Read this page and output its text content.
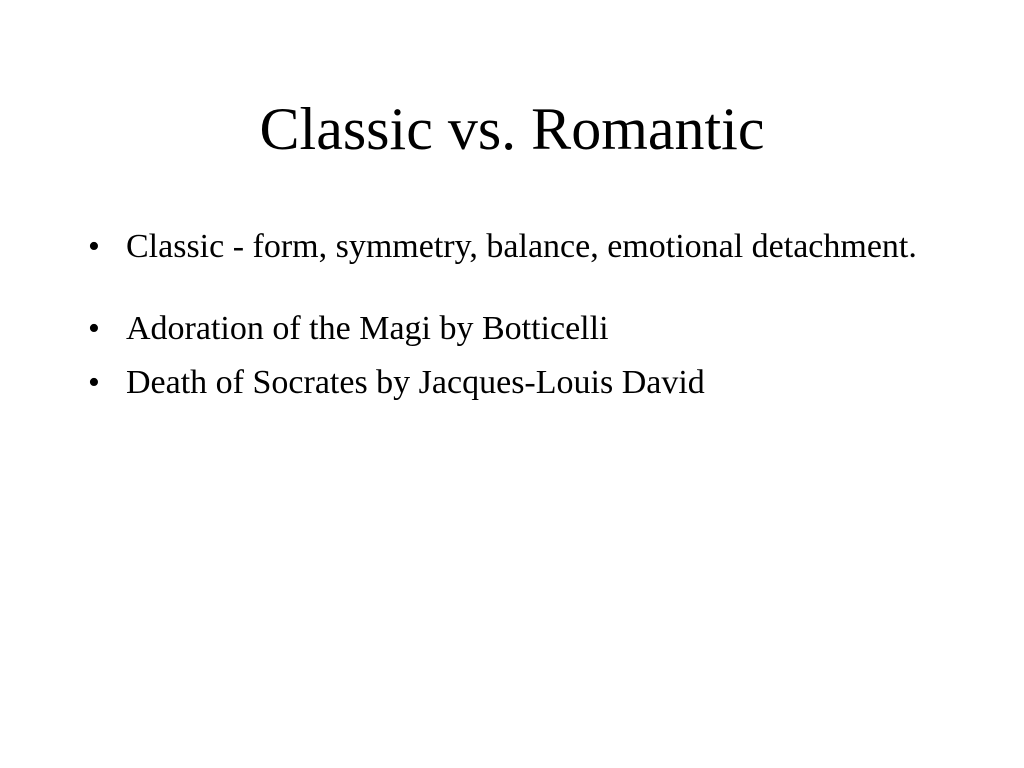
Classic vs. Romantic
• Classic - form, symmetry, balance, emotional detachment.
• Adoration of the Magi by Botticelli
• Death of Socrates by Jacques-Louis David
